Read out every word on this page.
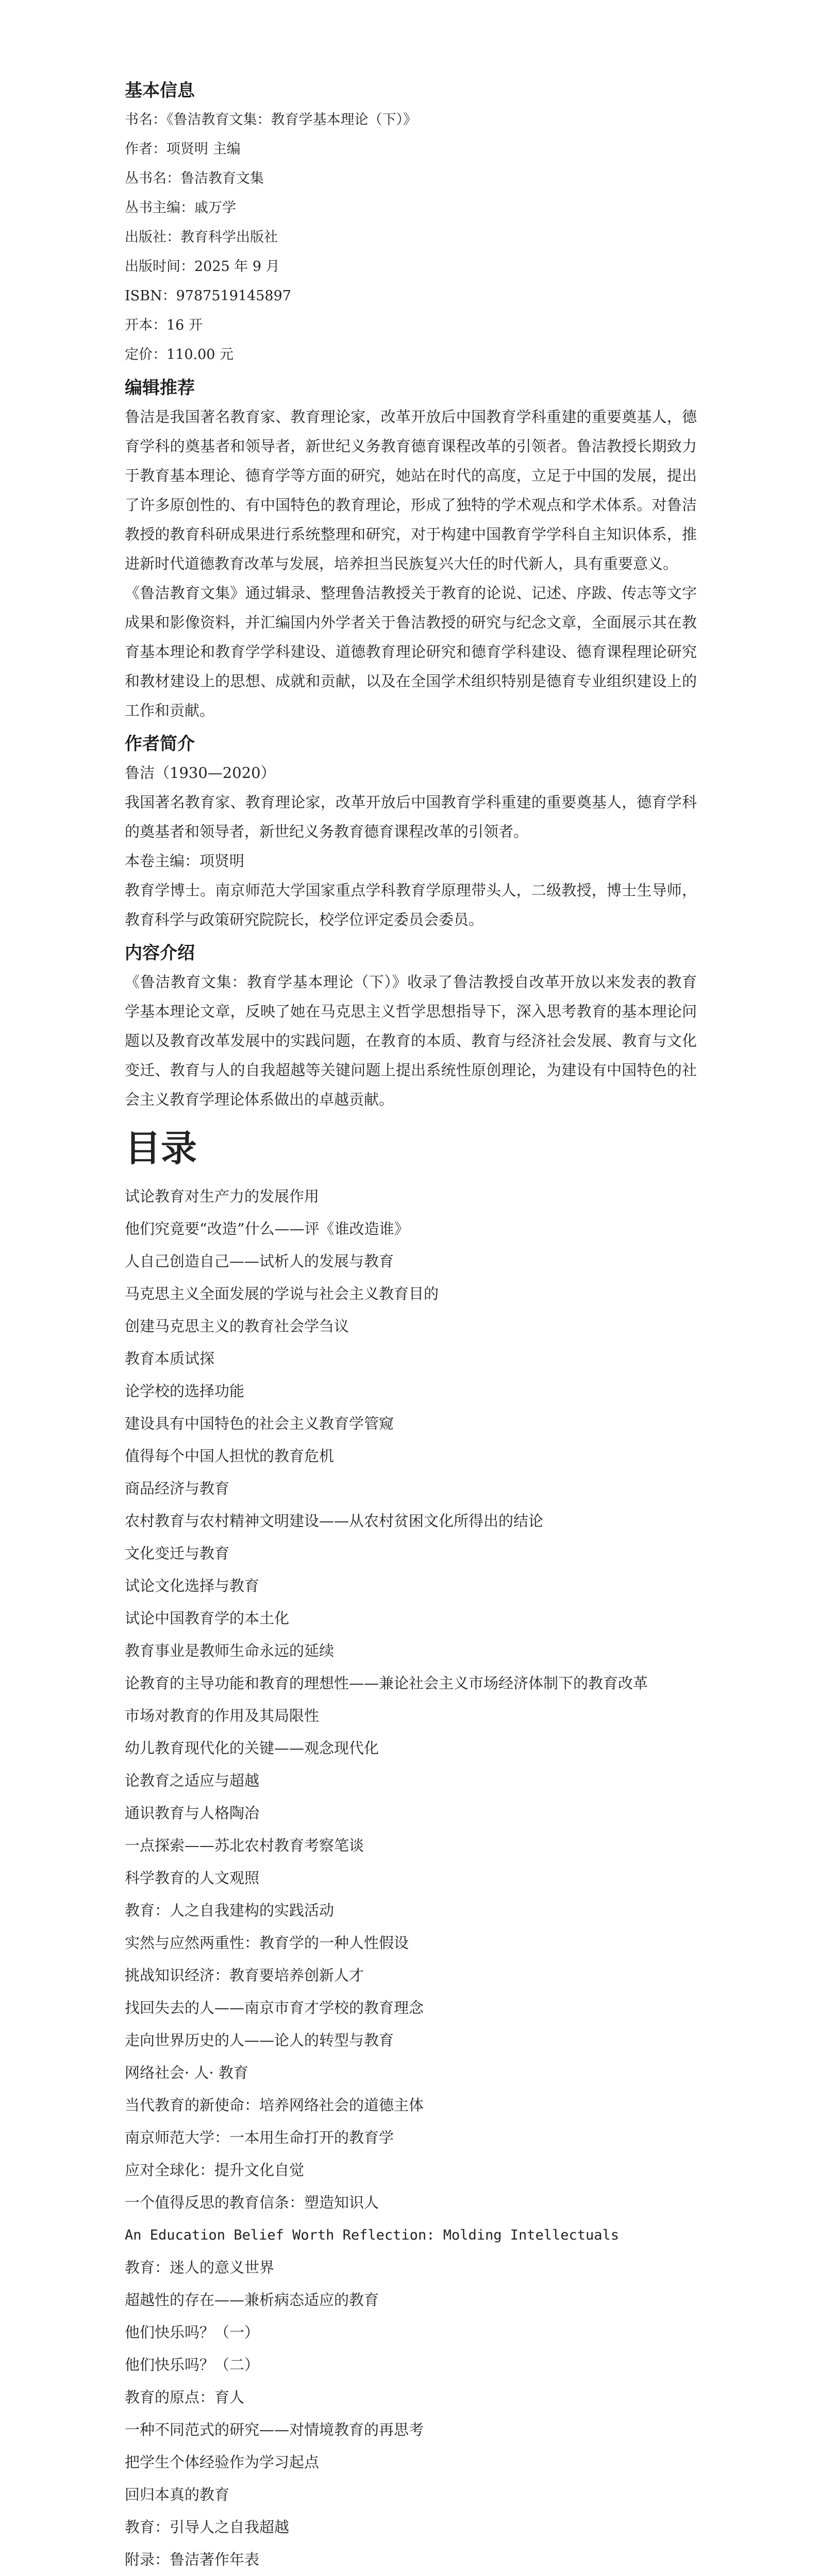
基本信息

书名：《鲁洁教育文集：教育学基本理论（下）》

作者：项贤明 主编

丛书名：鲁洁教育文集

丛书主编：戚万学

出版社：教育科学出版社

出版时间：2025 年 9 月

ISBN：9787519145897

开本：16 开

定价：110.00 元

编辑推荐

鲁洁是我国著名教育家、教育理论家，改革开放后中国教育学科重建的重要奠基人，德育学科的奠基者和领导者，新世纪义务教育德育课程改革的引领者。鲁洁教授长期致力于教育基本理论、德育学等方面的研究，她站在时代的高度，立足于中国的发展，提出了许多原创性的、有中国特色的教育理论，形成了独特的学术观点和学术体系。对鲁洁教授的教育科研成果进行系统整理和研究，对于构建中国教育学学科自主知识体系，推进新时代道德教育改革与发展，培养担当民族复兴大任的时代新人，具有重要意义。

《鲁洁教育文集》通过辑录、整理鲁洁教授关于教育的论说、记述、序跋、传志等文字成果和影像资料，并汇编国内外学者关于鲁洁教授的研究与纪念文章，全面展示其在教育基本理论和教育学学科建设、道德教育理论研究和德育学科建设、德育课程理论研究和教材建设上的思想、成就和贡献，以及在全国学术组织特别是德育专业组织建设上的工作和贡献。

作者简介

鲁洁（1930—2020）

我国著名教育家、教育理论家，改革开放后中国教育学科重建的重要奠基人，德育学科的奠基者和领导者，新世纪义务教育德育课程改革的引领者。

本卷主编：项贤明

教育学博士。南京师范大学国家重点学科教育学原理带头人，二级教授，博士生导师，教育科学与政策研究院院长，校学位评定委员会委员。

内容介绍

《鲁洁教育文集：教育学基本理论（下）》收录了鲁洁教授自改革开放以来发表的教育学基本理论文章，反映了她在马克思主义哲学思想指导下，深入思考教育的基本理论问题以及教育改革发展中的实践问题，在教育的本质、教育与经济社会发展、教育与文化变迁、教育与人的自我超越等关键问题上提出系统性原创理论，为建设有中国特色的社会主义教育学理论体系做出的卓越贡献。

目录
试论教育对生产力的发展作用
他们究竟要“改造”什么——评《谁改造谁》
人自己创造自己——试析人的发展与教育
马克思主义全面发展的学说与社会主义教育目的
创建马克思主义的教育社会学刍议
教育本质试探
论学校的选择功能
建设具有中国特色的社会主义教育学管窥
值得每个中国人担忧的教育危机
商品经济与教育
农村教育与农村精神文明建设——从农村贫困文化所得出的结论
文化变迁与教育
试论文化选择与教育
试论中国教育学的本土化
教育事业是教师生命永远的延续
论教育的主导功能和教育的理想性——兼论社会主义市场经济体制下的教育改革
市场对教育的作用及其局限性
幼儿教育现代化的关键——观念现代化
论教育之适应与超越
通识教育与人格陶冶
一点探索——苏北农村教育考察笔谈
科学教育的人文观照
教育：人之自我建构的实践活动
实然与应然两重性：教育学的一种人性假设
挑战知识经济：教育要培养创新人才
找回失去的人——南京市育才学校的教育理念
走向世界历史的人——论人的转型与教育
网络社会· 人· 教育
当代教育的新使命：培养网络社会的道德主体
南京师范大学：一本用生命打开的教育学
应对全球化：提升文化自觉
一个值得反思的教育信条：塑造知识人
An Education Belief Worth Reflection: Molding Intellectuals
教育：迷人的意义世界
超越性的存在——兼析病态适应的教育
他们快乐吗？（一）
他们快乐吗？（二）
教育的原点：育人
一种不同范式的研究——对情境教育的再思考
把学生个体经验作为学习起点
回归本真的教育
教育：引导人之自我超越
附录：鲁洁著作年表
